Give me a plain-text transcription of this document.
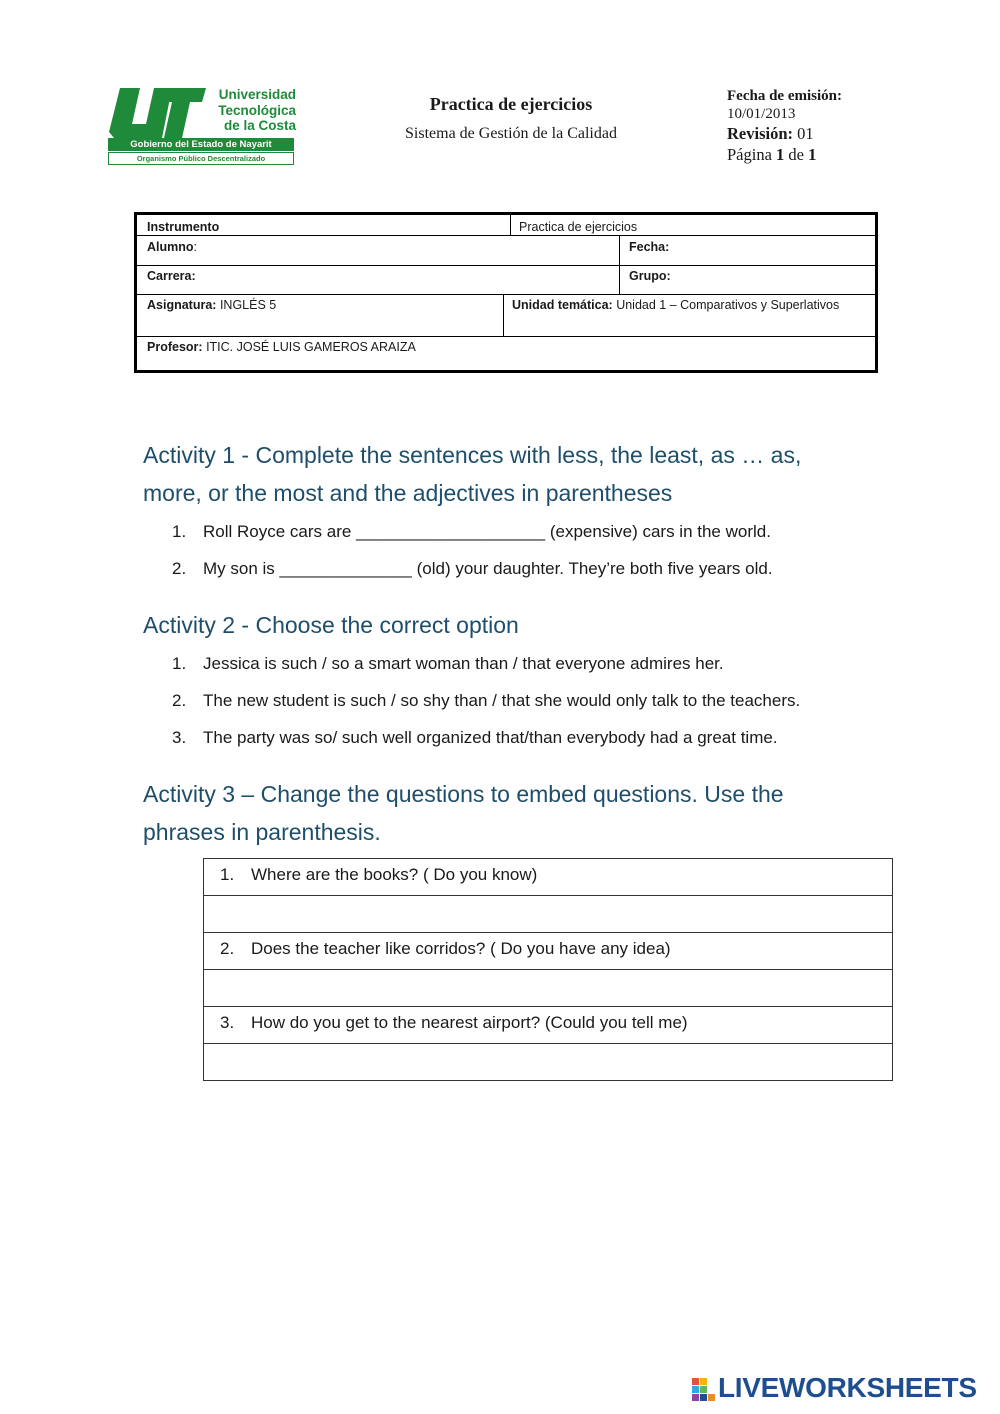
Universidad
Tecnológica
de la Costa
Gobierno del Estado de Nayarit
Organismo Público Descentralizado
Practica de ejercicios
Sistema de Gestión de la Calidad
Fecha de emisión:
10/01/2013
Revisión: 01
Página 1 de 1
Instrumento	Practica de ejercicios
Alumno:	Fecha:
Carrera:	Grupo:
Asignatura: INGLÉS 5	Unidad temática: Unidad 1 – Comparativos y Superlativos
Profesor: ITIC. JOSÉ LUIS GAMEROS ARAIZA
Activity 1 - Complete the sentences with less, the least, as … as,
more, or the most and the adjectives in parentheses
1. Roll Royce cars are ____________________ (expensive) cars in the world.
2. My son is ______________ (old) your daughter. They’re both five years old.
Activity 2 - Choose the correct option
1. Jessica is such / so a smart woman than / that everyone admires her.
2. The new student is such / so shy than / that she would only talk to the teachers.
3. The party was so/ such well organized that/than everybody had a great time.
Activity 3 – Change the questions to embed questions. Use the
phrases in parenthesis.
1. Where are the books? ( Do you know)

2. Does the teacher like corridos? ( Do you have any idea)

3. How do you get to the nearest airport? (Could you tell me)

LIVEWORKSHEETS
